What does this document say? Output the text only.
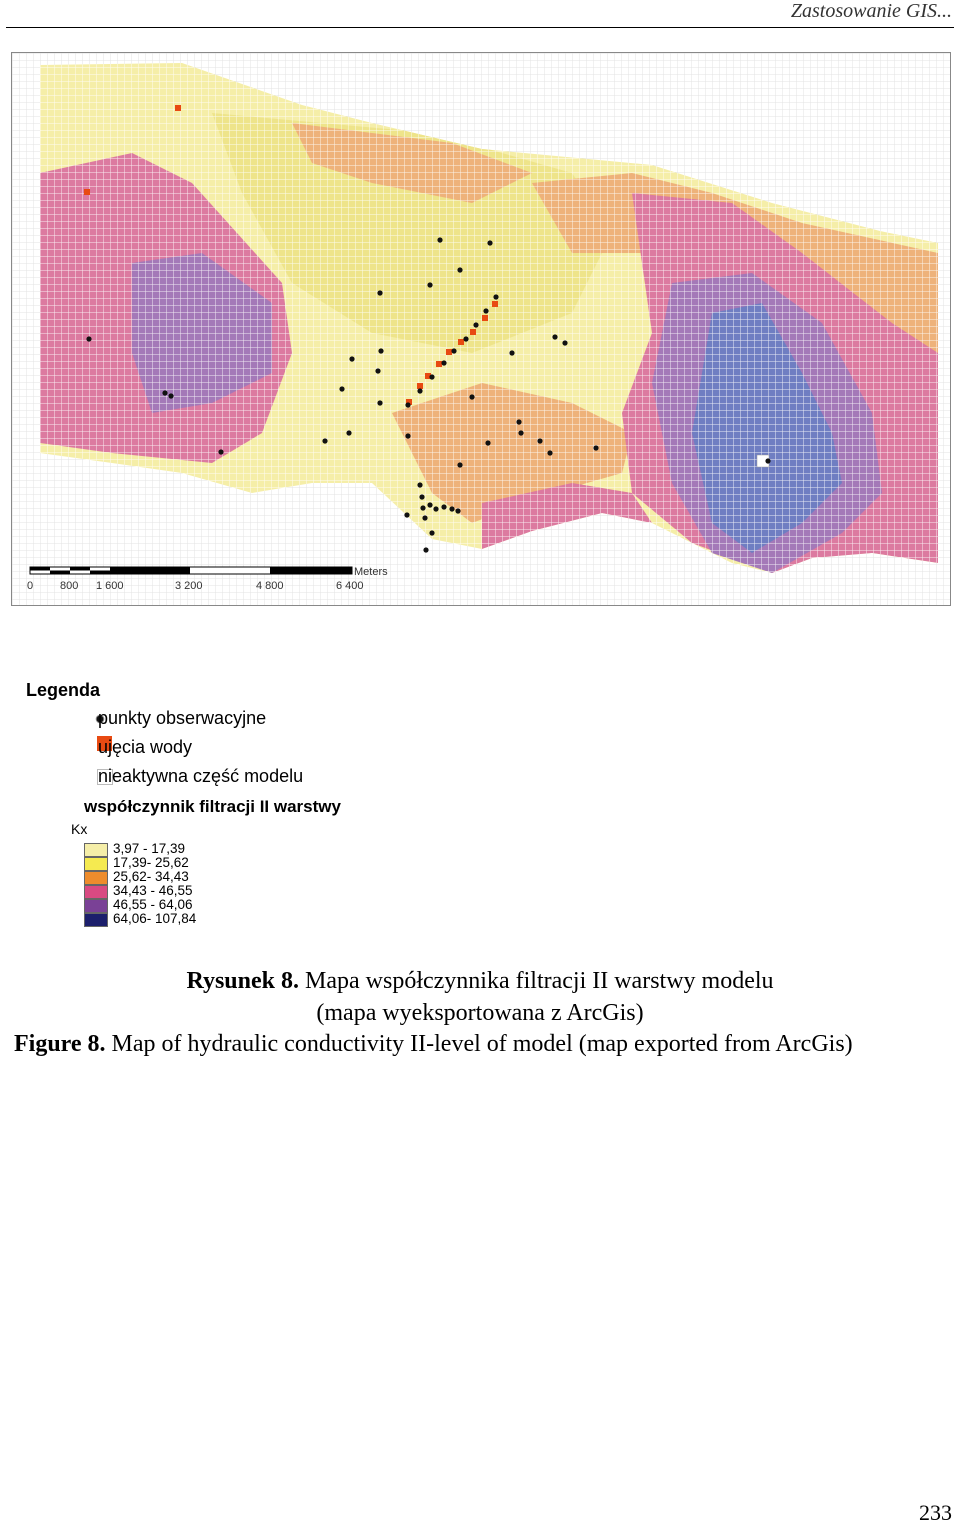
Zastosowanie GIS...
Meters
0 800 1 600	3 200	4 800	6 400
Legenda
punkty obserwacyjne
ujęcia wody
nieaktywna część modelu
współczynnik filtracji II warstwy
Kx
3,97 - 17,39
17,39- 25,62
25,62- 34,43
34,43 - 46,55
46,55 - 64,06
64,06- 107,84
Rysunek 8. Mapa współczynnika filtracji II warstwy modelu
(mapa wyeksportowana z ArcGis)
Figure 8. Map of hydraulic conductivity II-level of model (map exported from ArcGis)
233
